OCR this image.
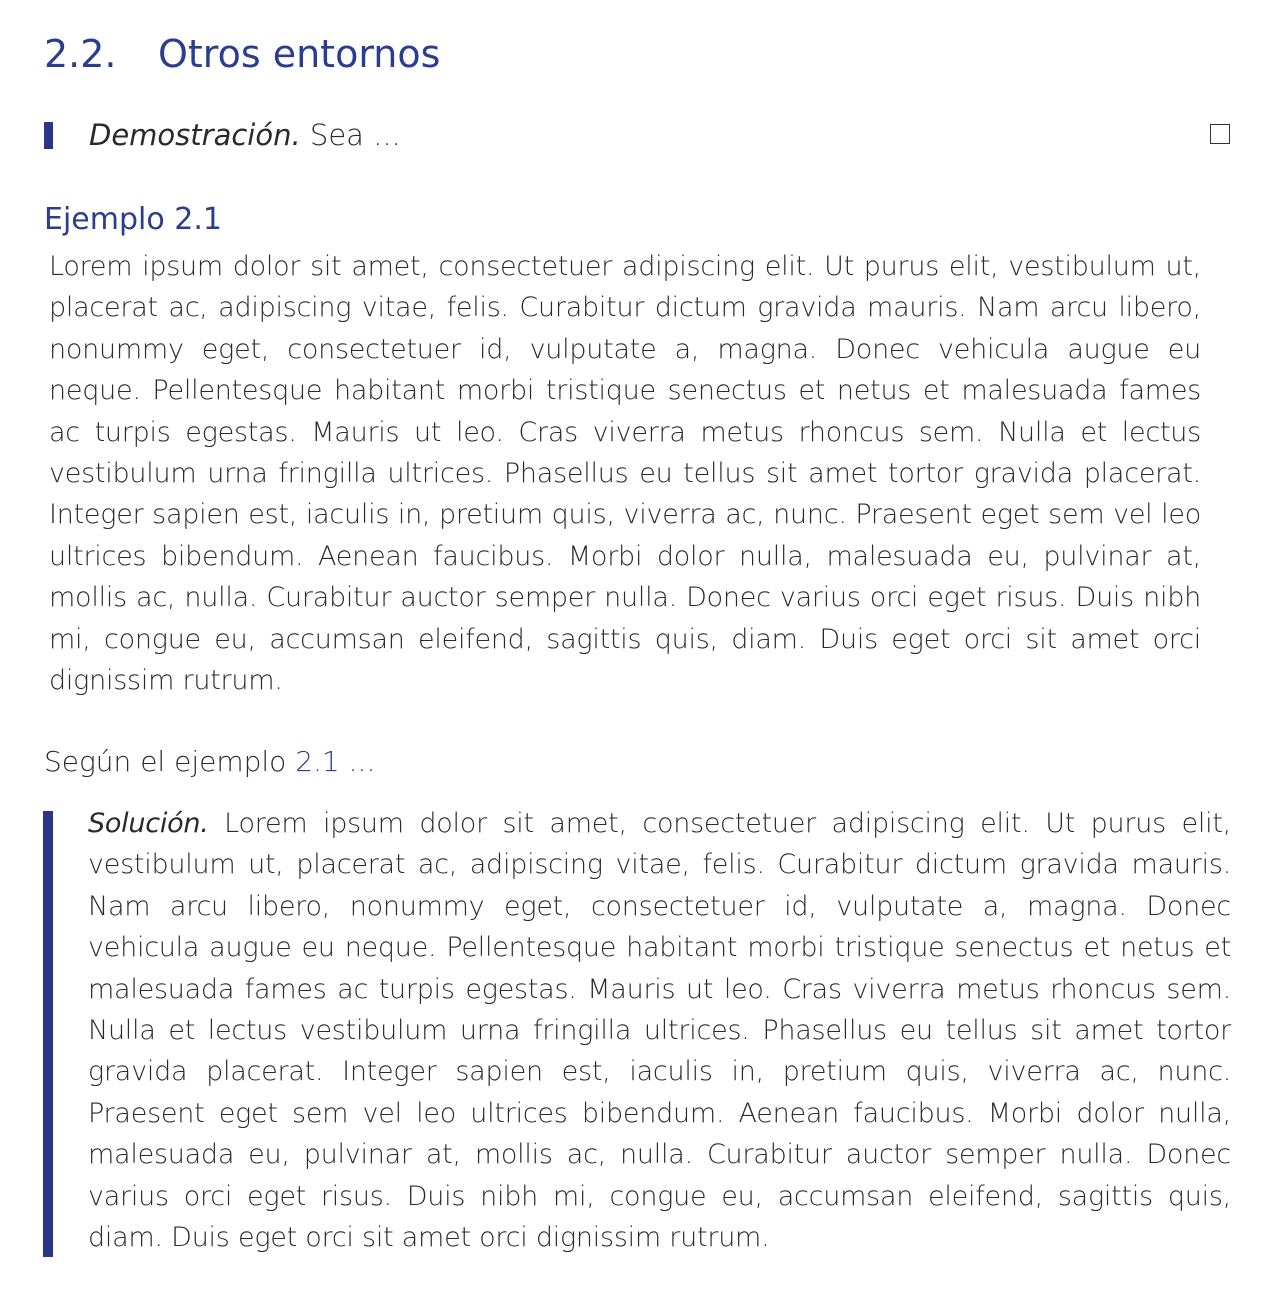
2.2. Otros entornos
Demostración. Sea ...
Ejemplo 2.1

Lorem ipsum dolor sit amet, consectetuer adipiscing elit. Ut purus elit, vestibulum ut, placerat ac, adipiscing vitae, felis. Curabitur dictum gravida mauris. Nam arcu libero, nonummy eget, consectetuer id, vulputate a, magna. Donec vehicula augue eu neque. Pellentesque habitant morbi tristique senectus et netus et malesuada fames ac turpis egestas. Mauris ut leo. Cras viverra metus rhoncus sem. Nulla et lectus vestibulum urna fringilla ultrices. Phasellus eu tellus sit amet tortor gravida placerat. Integer sapien est, iaculis in, pretium quis, viverra ac, nunc. Praesent eget sem vel leo ultrices bibendum. Aenean faucibus. Morbi dolor nulla, malesuada eu, pulvinar at, mollis ac, nulla. Curabitur auctor semper nulla. Donec varius orci eget risus. Duis nibh mi, congue eu, accumsan eleifend, sagittis quis, diam. Duis eget orci sit amet orci dignissim rutrum.

Según el ejemplo 2.1 ...

Solución. Lorem ipsum dolor sit amet, consectetuer adipiscing elit. Ut purus elit, vestibulum ut, placerat ac, adipiscing vitae, felis. Curabitur dictum gravida mauris. Nam arcu libero, nonummy eget, consectetuer id, vulputate a, magna. Donec vehicula augue eu neque. Pellentesque habitant morbi tristique senectus et netus et malesuada fames ac turpis egestas. Mauris ut leo. Cras viverra metus rhoncus sem. Nulla et lectus vestibulum urna fringilla ultrices. Phasellus eu tellus sit amet tortor gravida placerat. Integer sapien est, iaculis in, pretium quis, viverra ac, nunc. Praesent eget sem vel leo ultrices bibendum. Aenean faucibus. Morbi dolor nulla, malesuada eu, pulvinar at, mollis ac, nulla. Curabitur auctor semper nulla. Donec varius orci eget risus. Duis nibh mi, congue eu, accumsan eleifend, sagittis quis, diam. Duis eget orci sit amet orci dignissim rutrum.
